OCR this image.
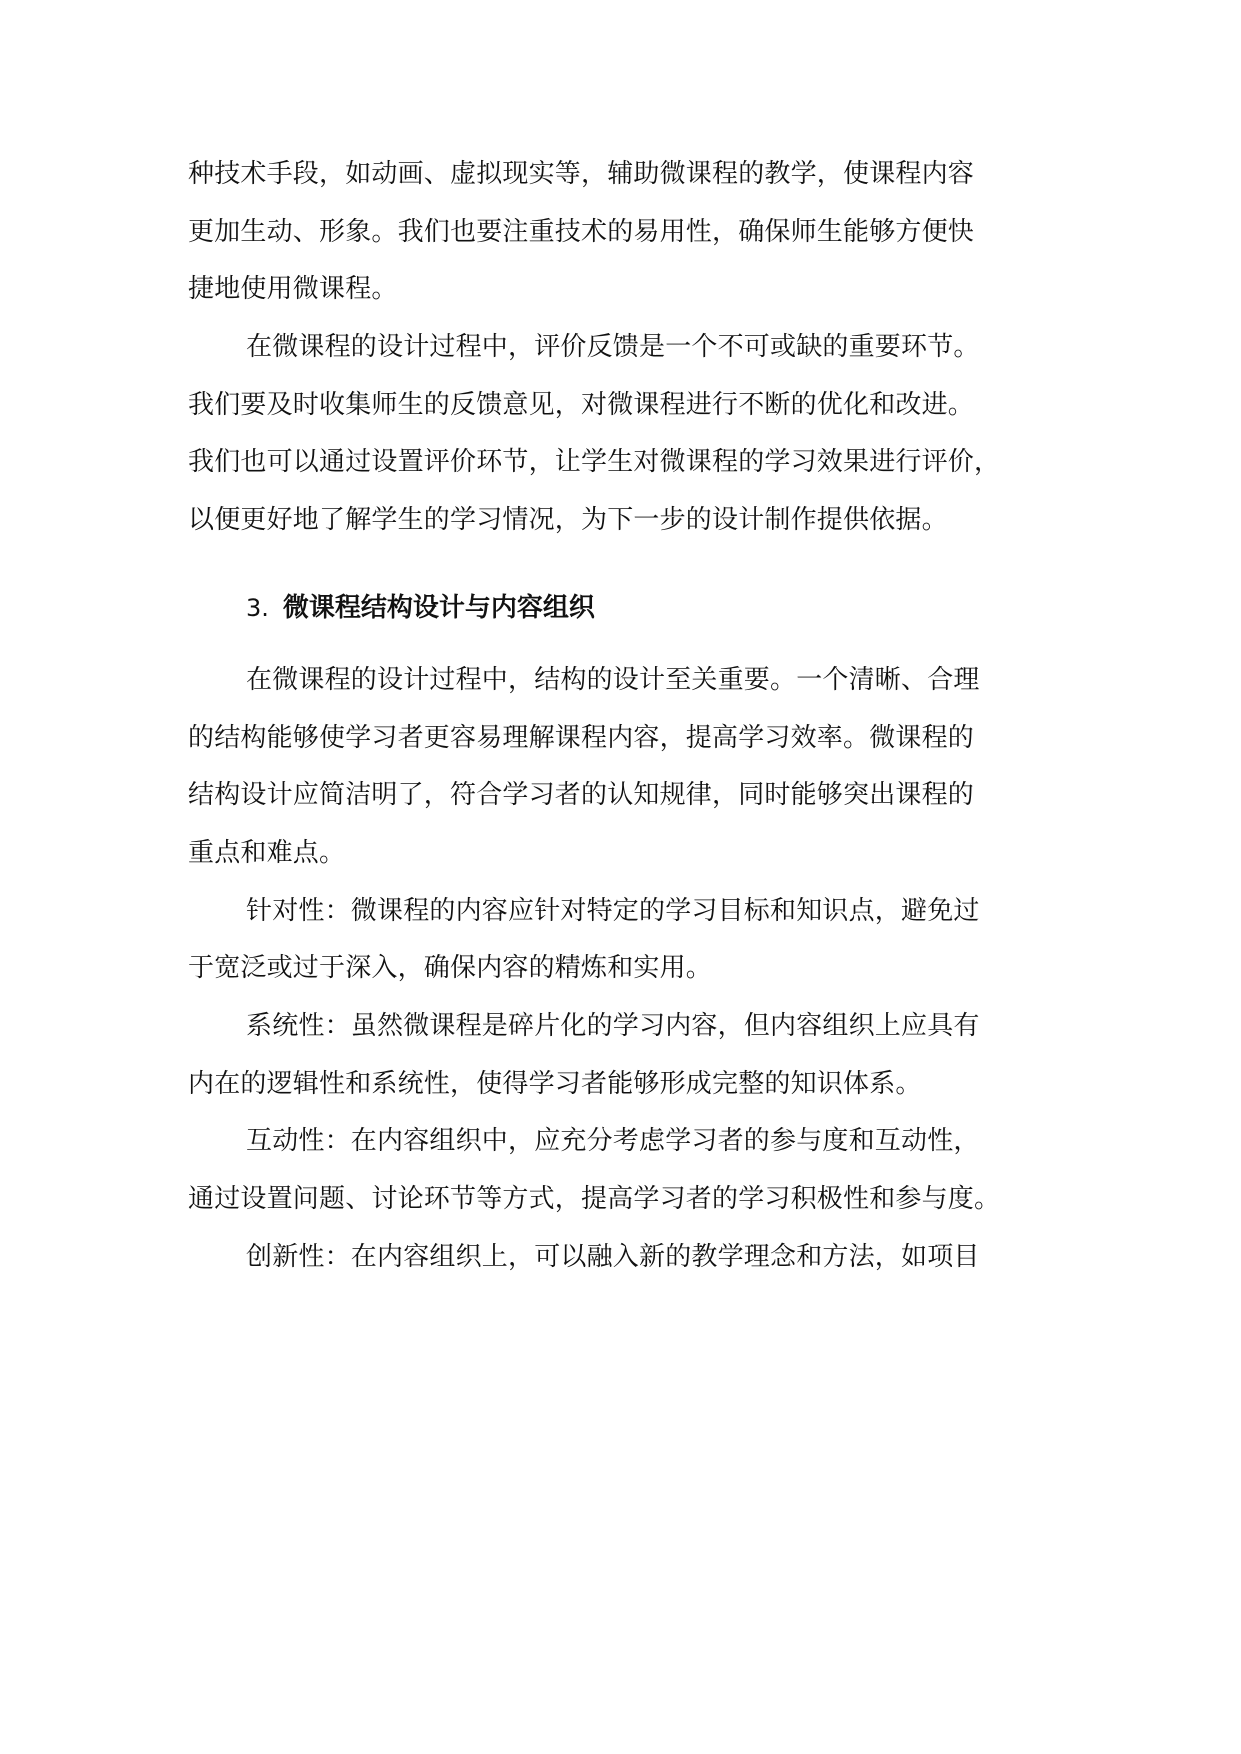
种技术手段，如动画、虚拟现实等，辅助微课程的教学，使课程内容
更加生动、形象。我们也要注重技术的易用性，确保师生能够方便快
捷地使用微课程。
在微课程的设计过程中，评价反馈是一个不可或缺的重要环节。
我们要及时收集师生的反馈意见，对微课程进行不断的优化和改进。
我们也可以通过设置评价环节，让学生对微课程的学习效果进行评价，
以便更好地了解学生的学习情况，为下一步的设计制作提供依据。
3. 微课程结构设计与内容组织
在微课程的设计过程中，结构的设计至关重要。一个清晰、合理
的结构能够使学习者更容易理解课程内容，提高学习效率。微课程的
结构设计应简洁明了，符合学习者的认知规律，同时能够突出课程的
重点和难点。
针对性：微课程的内容应针对特定的学习目标和知识点，避免过
于宽泛或过于深入，确保内容的精炼和实用。
系统性：虽然微课程是碎片化的学习内容，但内容组织上应具有
内在的逻辑性和系统性，使得学习者能够形成完整的知识体系。
互动性：在内容组织中，应充分考虑学习者的参与度和互动性，
通过设置问题、讨论环节等方式，提高学习者的学习积极性和参与度。
创新性：在内容组织上，可以融入新的教学理念和方法，如项目
